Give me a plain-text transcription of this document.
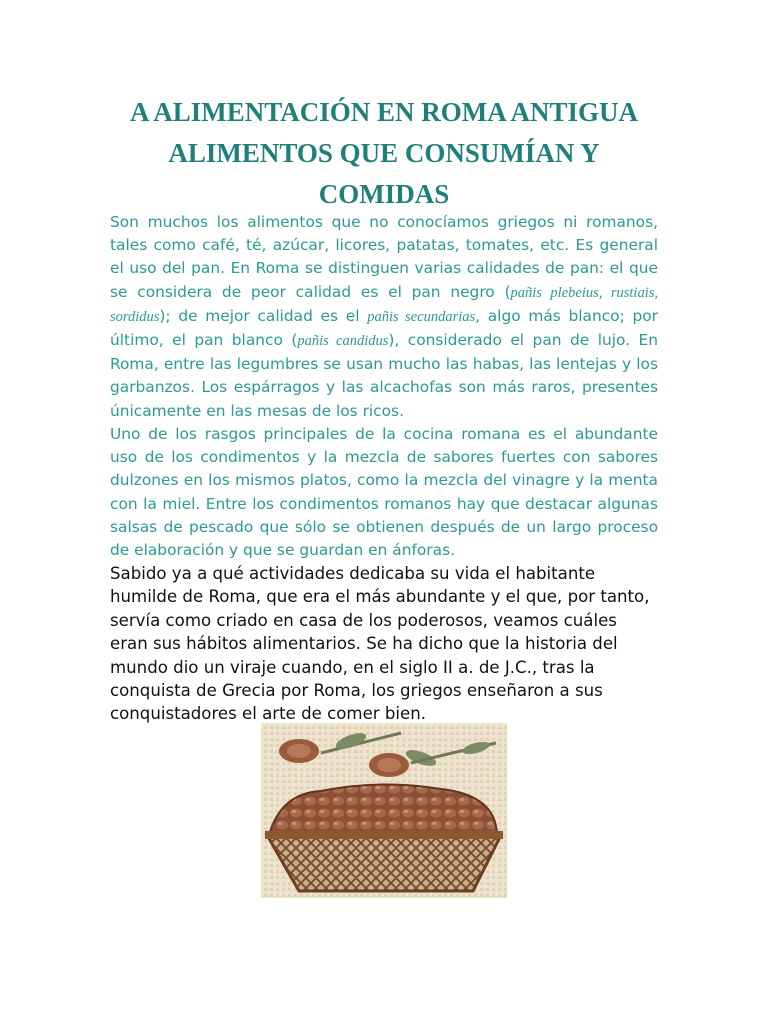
A ALIMENTACIÓN EN ROMA ANTIGUA
ALIMENTOS QUE CONSUMÍAN Y
COMIDAS

Son muchos los alimentos que no conocíamos griegos ni romanos, tales como café, té, azúcar, licores, patatas, tomates, etc. Es general el uso del pan. En Roma se distinguen varias calidades de pan: el que se considera de peor calidad es el pan negro (pañis plebeius, rustiais, sordidus); de mejor calidad es el pañis secundarias, algo más blanco; por último, el pan blanco (pañis candidus), considerado el pan de lujo. En Roma, entre las legumbres se usan mucho las habas, las lentejas y los garbanzos. Los espárragos y las alcachofas son más raros, presentes únicamente en las mesas de los ricos.

Uno de los rasgos principales de la cocina romana es el abundante uso de los condimentos y la mezcla de sabores fuertes con sabores dulzones en los mismos platos, como la mezcla del vinagre y la menta con la miel. Entre los condimentos romanos hay que destacar algunas salsas de pescado que sólo se obtienen después de un largo proceso de elaboración y que se guardan en ánforas.

Sabido ya a qué actividades dedicaba su vida el habitante humilde de Roma, que era el más abundante y el que, por tanto, servía como criado en casa de los poderosos, veamos cuáles eran sus hábitos alimentarios. Se ha dicho que la historia del mundo dio un viraje cuando, en el siglo II a. de J.C., tras la conquista de Grecia por Roma, los griegos enseñaron a sus conquistadores el arte de comer bien.
